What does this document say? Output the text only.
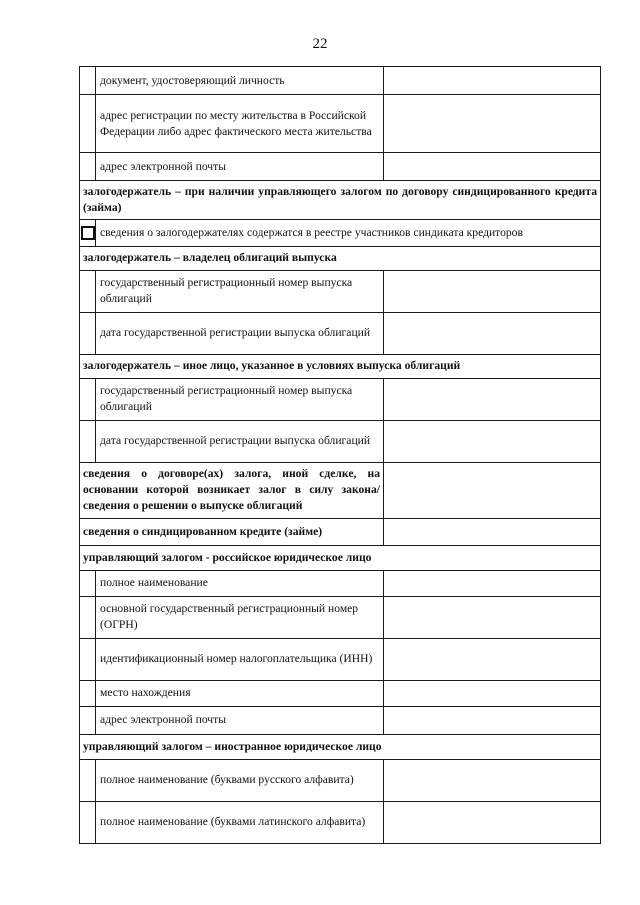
22
	документ, удостоверяющий личность	
	адрес регистрации по месту жительства в Российской Федерации либо адрес фактического места жительства	
	адрес электронной почты	
залогодержатель – при наличии управляющего залогом по договору синдицированного кредита (займа)		
	сведения о залогодержателях содержатся в реестре участников синдиката кредиторов	
залогодержатель – владелец облигаций выпуска		
	государственный регистрационный номер выпуска облигаций	
	дата государственной регистрации выпуска облигаций	
залогодержатель – иное лицо, указанное в условиях выпуска облигаций		
	государственный регистрационный номер выпуска облигаций	
	дата государственной регистрации выпуска облигаций	
сведения о договоре(ах) залога, иной сделке, на основании которой возникает залог в силу закона/сведения о решении о выпуске облигаций		
сведения о синдицированном кредите (займе)		
управляющий залогом - российское юридическое лицо		
	полное наименование	
	основной государственный регистрационный номер (ОГРН)	
	идентификационный номер налогоплательщика (ИНН)	
	место нахождения	
	адрес электронной почты	
управляющий залогом – иностранное юридическое лицо		
	полное наименование (буквами русского алфавита)	
	полное наименование (буквами латинского алфавита)	
